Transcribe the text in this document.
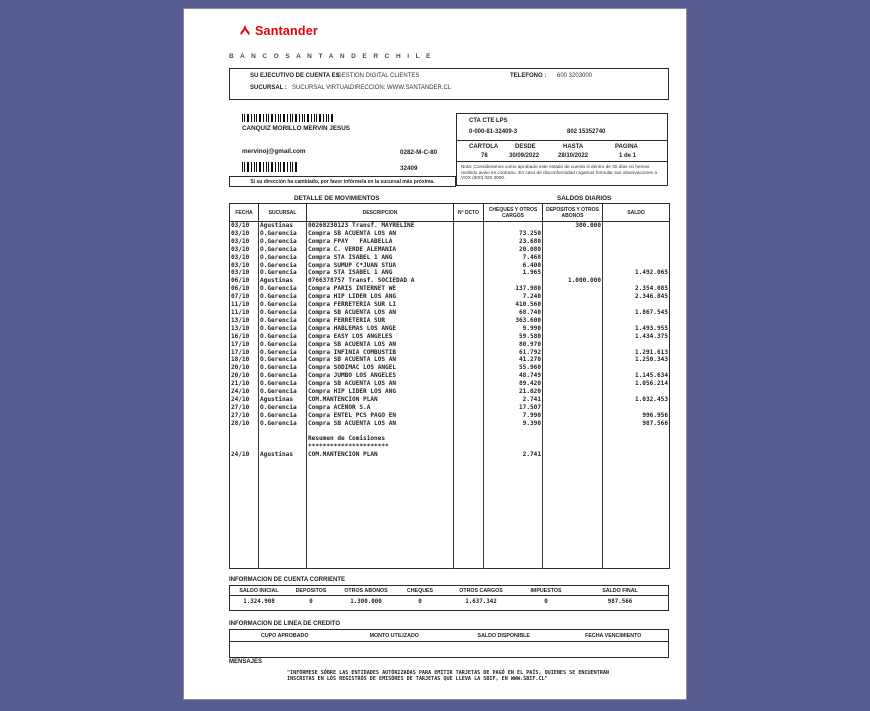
Santander
B A N C O S A N T A N D E R C H I L E
SU EJECUTIVO DE CUENTA ES
GESTION DIGITAL CLIENTES	TELEFONO : 600 3203000
SUCURSAL : SUCURSAL VIRTUAL
DIRECCION: WWW.SANTANDER.CL
CANQUIZ MORILLO MERVIN JESUS
mervinoj@gmail.com	0282-M-C-80
32409
Si su dirección ha cambiado, por favor infórmela en la sucursal más próxima.
CTA CTE LPS
0-000-81-32409-3	802 15352740
CARTOLA	DESDE	HASTA	PAGINA
78	30/09/2022	28/10/2022	1 de 1
Nota: Consideramos como aprobado este estado de cuenta si dentro de 30 días no hemos recibido aviso en contrario. En caso de disconformidad rogamos formular sus observaciones a VOX (600) 320 3000.
DETALLE DE MOVIMIENTOS	SALDOS DIARIOS
FECHA	SUCURSAL	DESCRIPCION	N° DCTO	CHEQUES Y OTROS CARGOS	DEPOSITOS Y OTROS ABONOS	SALDO
03/10	Agustinas	00268230123 Transf. MAYRELINE			300.000	
03/10	O.Gerencia	Compra SB ACUENTA LOS AN		73.250		
03/10	O.Gerencia	Compra FPAY   FALABELLA		23.680		
03/10	O.Gerencia	Compra C. VERDE ALEMANIA		20.080		
03/10	O.Gerencia	Compra STA ISABEL 1 ANG		7.468		
03/10	O.Gerencia	Compra SUMUP C*JUAN STUA		6.400		
03/10	O.Gerencia	Compra STA ISABEL 1 ANG		1.965		1.492.065
06/10	Agustinas	0766378757 Transf. SOCIEDAD A			1.000.000	
06/10	O.Gerencia	Compra PARIS INTERNET WE		137.980		2.354.085
07/10	O.Gerencia	Compra HIP LIDER LOS ANG		7.240		2.346.845
11/10	O.Gerencia	Compra FERRETERIA SUR LI		410.560		
11/10	O.Gerencia	Compra SB ACUENTA LOS AN		68.740		1.867.545
13/10	O.Gerencia	Compra FERRETERIA SUR		363.600		
13/10	O.Gerencia	Compra HABLEMAS LOS ANGE		9.990		1.493.955
16/10	O.Gerencia	Compra EASY LOS ANGELES		59.580		1.434.375
17/10	O.Gerencia	Compra SB ACUENTA LOS AN		80.970		
17/10	O.Gerencia	Compra INFINIA COMBUSTIB		61.792		1.291.613
18/10	O.Gerencia	Compra SB ACUENTA LOS AN		41.270		1.250.343
20/10	O.Gerencia	Compra SODIMAC LOS ANGEL		55.960		
20/10	O.Gerencia	Compra JUMBO LOS ANGELES		48.749		1.145.634
21/10	O.Gerencia	Compra SB ACUENTA LOS AN		89.420		1.056.214
24/10	O.Gerencia	Compra HIP LIDER LOS ANG		21.020		
24/10	Agustinas	COM.MANTENCION PLAN		2.741		1.032.453
27/10	O.Gerencia	Compra ACENOR S.A		17.507		
27/10	O.Gerencia	Compra ENTEL PCS PAGO EN		7.990		996.956
28/10	O.Gerencia	Compra SB ACUENTA LOS AN		9.390		987.566

		Resumen de Comisiones				
		**********************				
24/10	Agustinas	COM.MANTENCION PLAN		2.741		

INFORMACION DE CUENTA CORRIENTE
SALDO INICIAL	DEPOSITOS	OTROS ABONOS	CHEQUES	OTROS CARGOS	IMPUESTOS	SALDO FINAL
1.324.908	0	1.300.000	0	1.637.342	0	987.566
INFORMACION DE LINEA DE CREDITO
CUPO APROBADO	MONTO UTILIZADO	SALDO DISPONIBLE	FECHA VENCIMIENTO
MENSAJES
"INFÓRMESE SÓBRE LAS ENTIDADES AUTÓRIZADAS PARA EMITIR TARJETAS DE PAGÓ EN EL PAÍS, QUIENES SE ENCUENTRAN INSCRITAS EN LÓS REGISTRÓS DE EMISÓRES DE TARJETAS QUE LLEVA LA SBIF, EN WWW.SBIF.CL"
